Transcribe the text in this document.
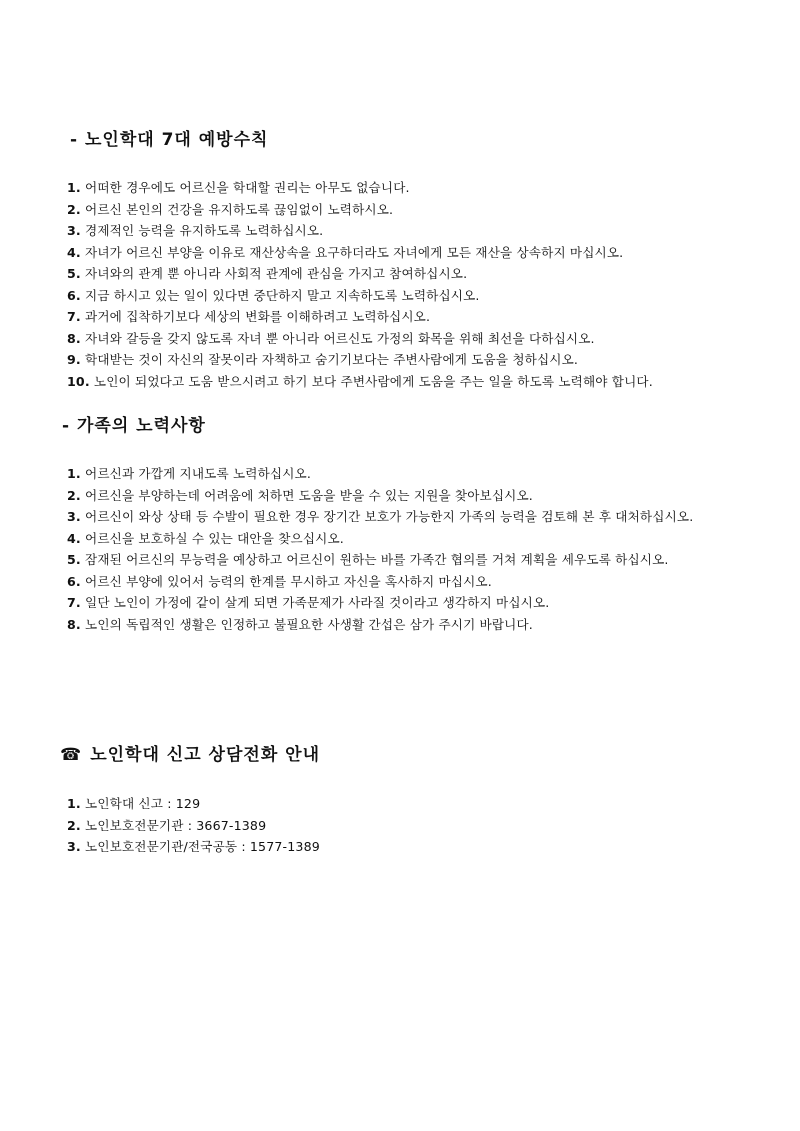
- 노인학대 7대 예방수칙
1. 어떠한 경우에도 어르신을 학대할 권리는 아무도 없습니다.
2. 어르신 본인의 건강을 유지하도록 끊임없이 노력하시오.
3. 경제적인 능력을 유지하도록 노력하십시오.
4. 자녀가 어르신 부양을 이유로 재산상속을 요구하더라도 자녀에게 모든 재산을 상속하지 마십시오.
5. 자녀와의 관계 뿐 아니라 사회적 관계에 관심을 가지고 참여하십시오.
6. 지금 하시고 있는 일이 있다면 중단하지 말고 지속하도록 노력하십시오.
7. 과거에 집착하기보다 세상의 변화를 이해하려고 노력하십시오.
8. 자녀와 갈등을 갖지 않도록 자녀 뿐 아니라 어르신도 가정의 화목을 위해 최선을 다하십시오.
9. 학대받는 것이 자신의 잘못이라 자책하고 숨기기보다는 주변사람에게 도움을 청하십시오.
10. 노인이 되었다고 도움 받으시려고 하기 보다 주변사람에게 도움을 주는 일을 하도록 노력해야 합니다.
- 가족의 노력사항
1. 어르신과 가깝게 지내도록 노력하십시오.
2. 어르신을 부양하는데 어려움에 처하면 도움을 받을 수 있는 지원을 찾아보십시오.
3. 어르신이 와상 상태 등 수발이 필요한 경우 장기간 보호가 가능한지 가족의 능력을 검토해 본 후 대처하십시오.
4. 어르신을 보호하실 수 있는 대안을 찾으십시오.
5. 잠재된 어르신의 무능력을 예상하고 어르신이 원하는 바를 가족간 협의를 거쳐 계획을 세우도록 하십시오.
6. 어르신 부양에 있어서 능력의 한계를 무시하고 자신을 혹사하지 마십시오.
7. 일단 노인이 가정에 같이 살게 되면 가족문제가 사라질 것이라고 생각하지 마십시오.
8. 노인의 독립적인 생활은 인정하고 불필요한 사생활 간섭은 삼가 주시기 바랍니다.
☎ 노인학대 신고 상담전화 안내
1. 노인학대 신고 : 129
2. 노인보호전문기관 : 3667-1389
3. 노인보호전문기관/전국공동 : 1577-1389
